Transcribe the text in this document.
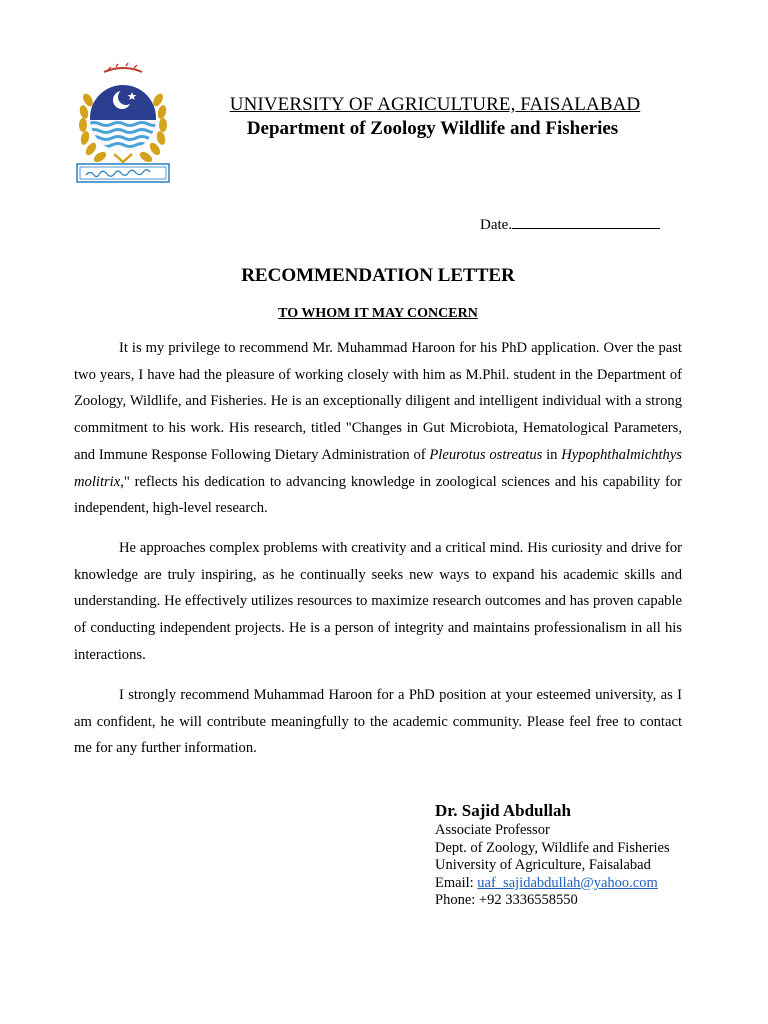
UNIVERSITY OF AGRICULTURE, FAISALABAD
Department of Zoology Wildlife and Fisheries
Date.
RECOMMENDATION LETTER
TO WHOM IT MAY CONCERN

It is my privilege to recommend Mr. Muhammad Haroon for his PhD application. Over the past two years, I have had the pleasure of working closely with him as M.Phil. student in the Department of Zoology, Wildlife, and Fisheries. He is an exceptionally diligent and intelligent individual with a strong commitment to his work. His research, titled "Changes in Gut Microbiota, Hematological Parameters, and Immune Response Following Dietary Administration of Pleurotus ostreatus in Hypophthalmichthys molitrix," reflects his dedication to advancing knowledge in zoological sciences and his capability for independent, high-level research.

He approaches complex problems with creativity and a critical mind. His curiosity and drive for knowledge are truly inspiring, as he continually seeks new ways to expand his academic skills and understanding. He effectively utilizes resources to maximize research outcomes and has proven capable of conducting independent projects. He is a person of integrity and maintains professionalism in all his interactions.

I strongly recommend Muhammad Haroon for a PhD position at your esteemed university, as I am confident, he will contribute meaningfully to the academic community. Please feel free to contact me for any further information.

Dr. Sajid Abdullah
Associate Professor
Dept. of Zoology, Wildlife and Fisheries
University of Agriculture, Faisalabad
Email: uaf_sajidabdullah@yahoo.com
Phone: +92 3336558550
